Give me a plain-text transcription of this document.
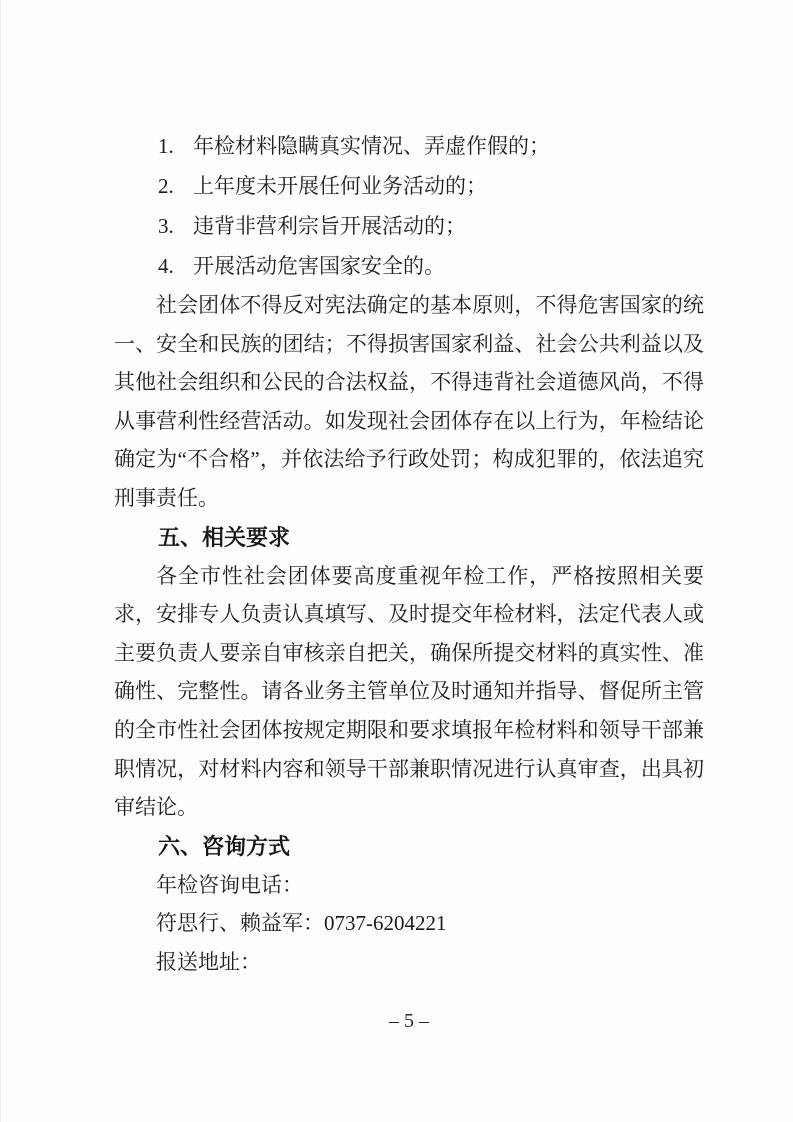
1. 年检材料隐瞒真实情况、弄虚作假的；
2. 上年度未开展任何业务活动的；
3. 违背非营利宗旨开展活动的；
4. 开展活动危害国家安全的。

社会团体不得反对宪法确定的基本原则，不得危害国家的统一、安全和民族的团结；不得损害国家利益、社会公共利益以及其他社会组织和公民的合法权益，不得违背社会道德风尚，不得从事营利性经营活动。如发现社会团体存在以上行为，年检结论确定为“不合格”，并依法给予行政处罚；构成犯罪的，依法追究刑事责任。

五、相关要求

各全市性社会团体要高度重视年检工作，严格按照相关要求，安排专人负责认真填写、及时提交年检材料，法定代表人或主要负责人要亲自审核亲自把关，确保所提交材料的真实性、准确性、完整性。请各业务主管单位及时通知并指导、督促所主管的全市性社会团体按规定期限和要求填报年检材料和领导干部兼职情况，对材料内容和领导干部兼职情况进行认真审查，出具初审结论。

六、咨询方式

年检咨询电话：

符思行、赖益军：0737-6204221

报送地址：

– 5 –
